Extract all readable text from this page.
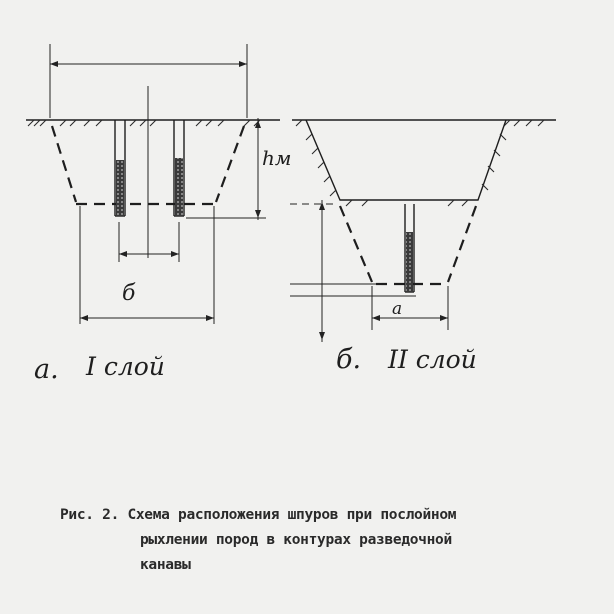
hм
б
а. I слой
а
б. II слой
Рис. 2. Схема расположения шпуров при послойном
рыхлении пород в контурах разведочной
канавы
